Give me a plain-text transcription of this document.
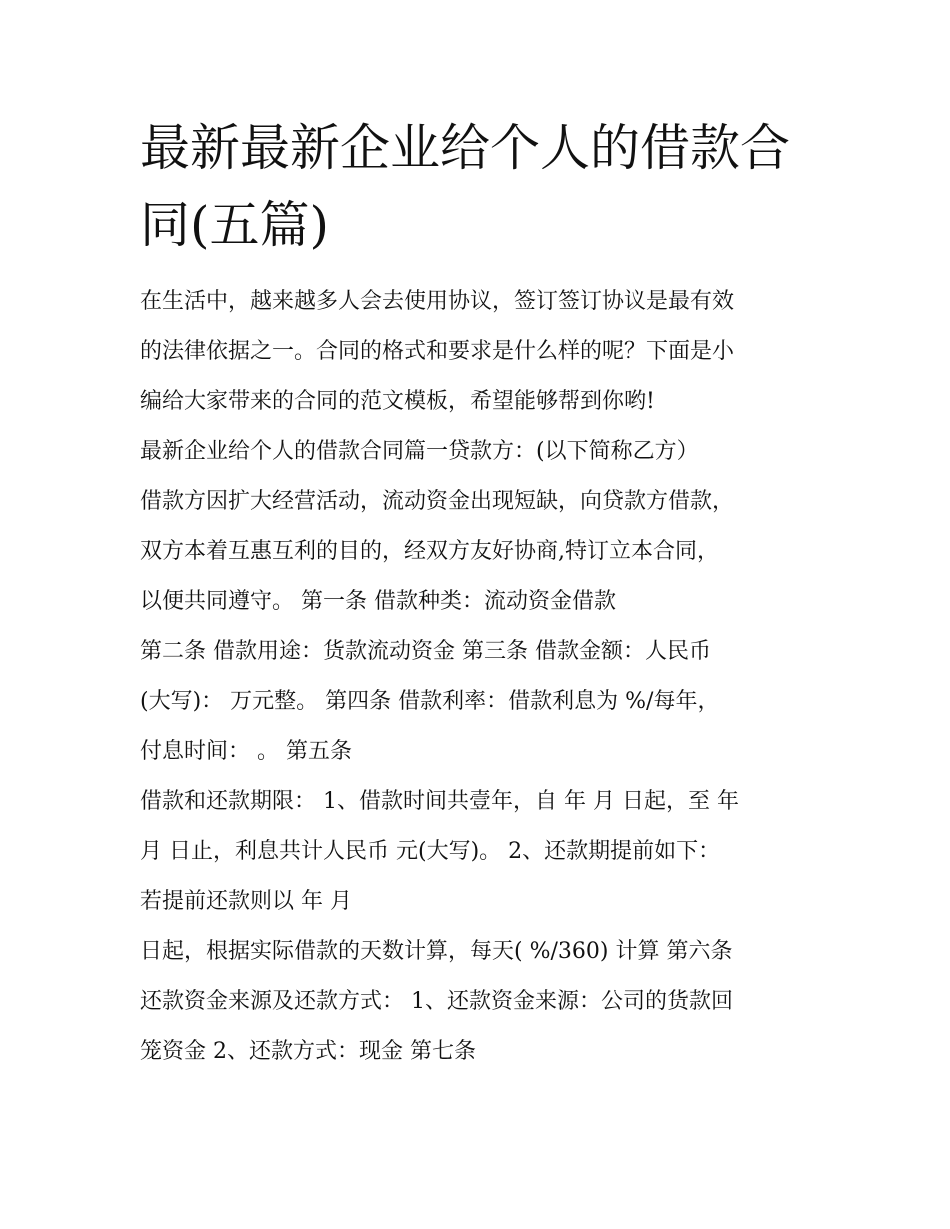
最新最新企业给个人的借款合
同(五篇)
在生活中，越来越多人会去使用协议，签订签订协议是最有效
的法律依据之一。合同的格式和要求是什么样的呢？下面是小
编给大家带来的合同的范文模板，希望能够帮到你哟!
最新企业给个人的借款合同篇一贷款方：(以下简称乙方）
借款方因扩大经营活动，流动资金出现短缺，向贷款方借款，
双方本着互惠互利的目的，经双方友好协商,特订立本合同，
以便共同遵守。 第一条 借款种类：流动资金借款
第二条 借款用途：货款流动资金 第三条 借款金额：人民币
(大写)： 万元整。 第四条 借款利率：借款利息为 %/每年，
付息时间： 。 第五条
借款和还款期限： 1、借款时间共壹年，自 年 月 日起，至 年
月 日止，利息共计人民币 元(大写)。 2、还款期提前如下：
若提前还款则以 年 月
日起，根据实际借款的天数计算，每天( %/360) 计算 第六条
还款资金来源及还款方式： 1、还款资金来源：公司的货款回
笼资金 2、还款方式：现金 第七条
